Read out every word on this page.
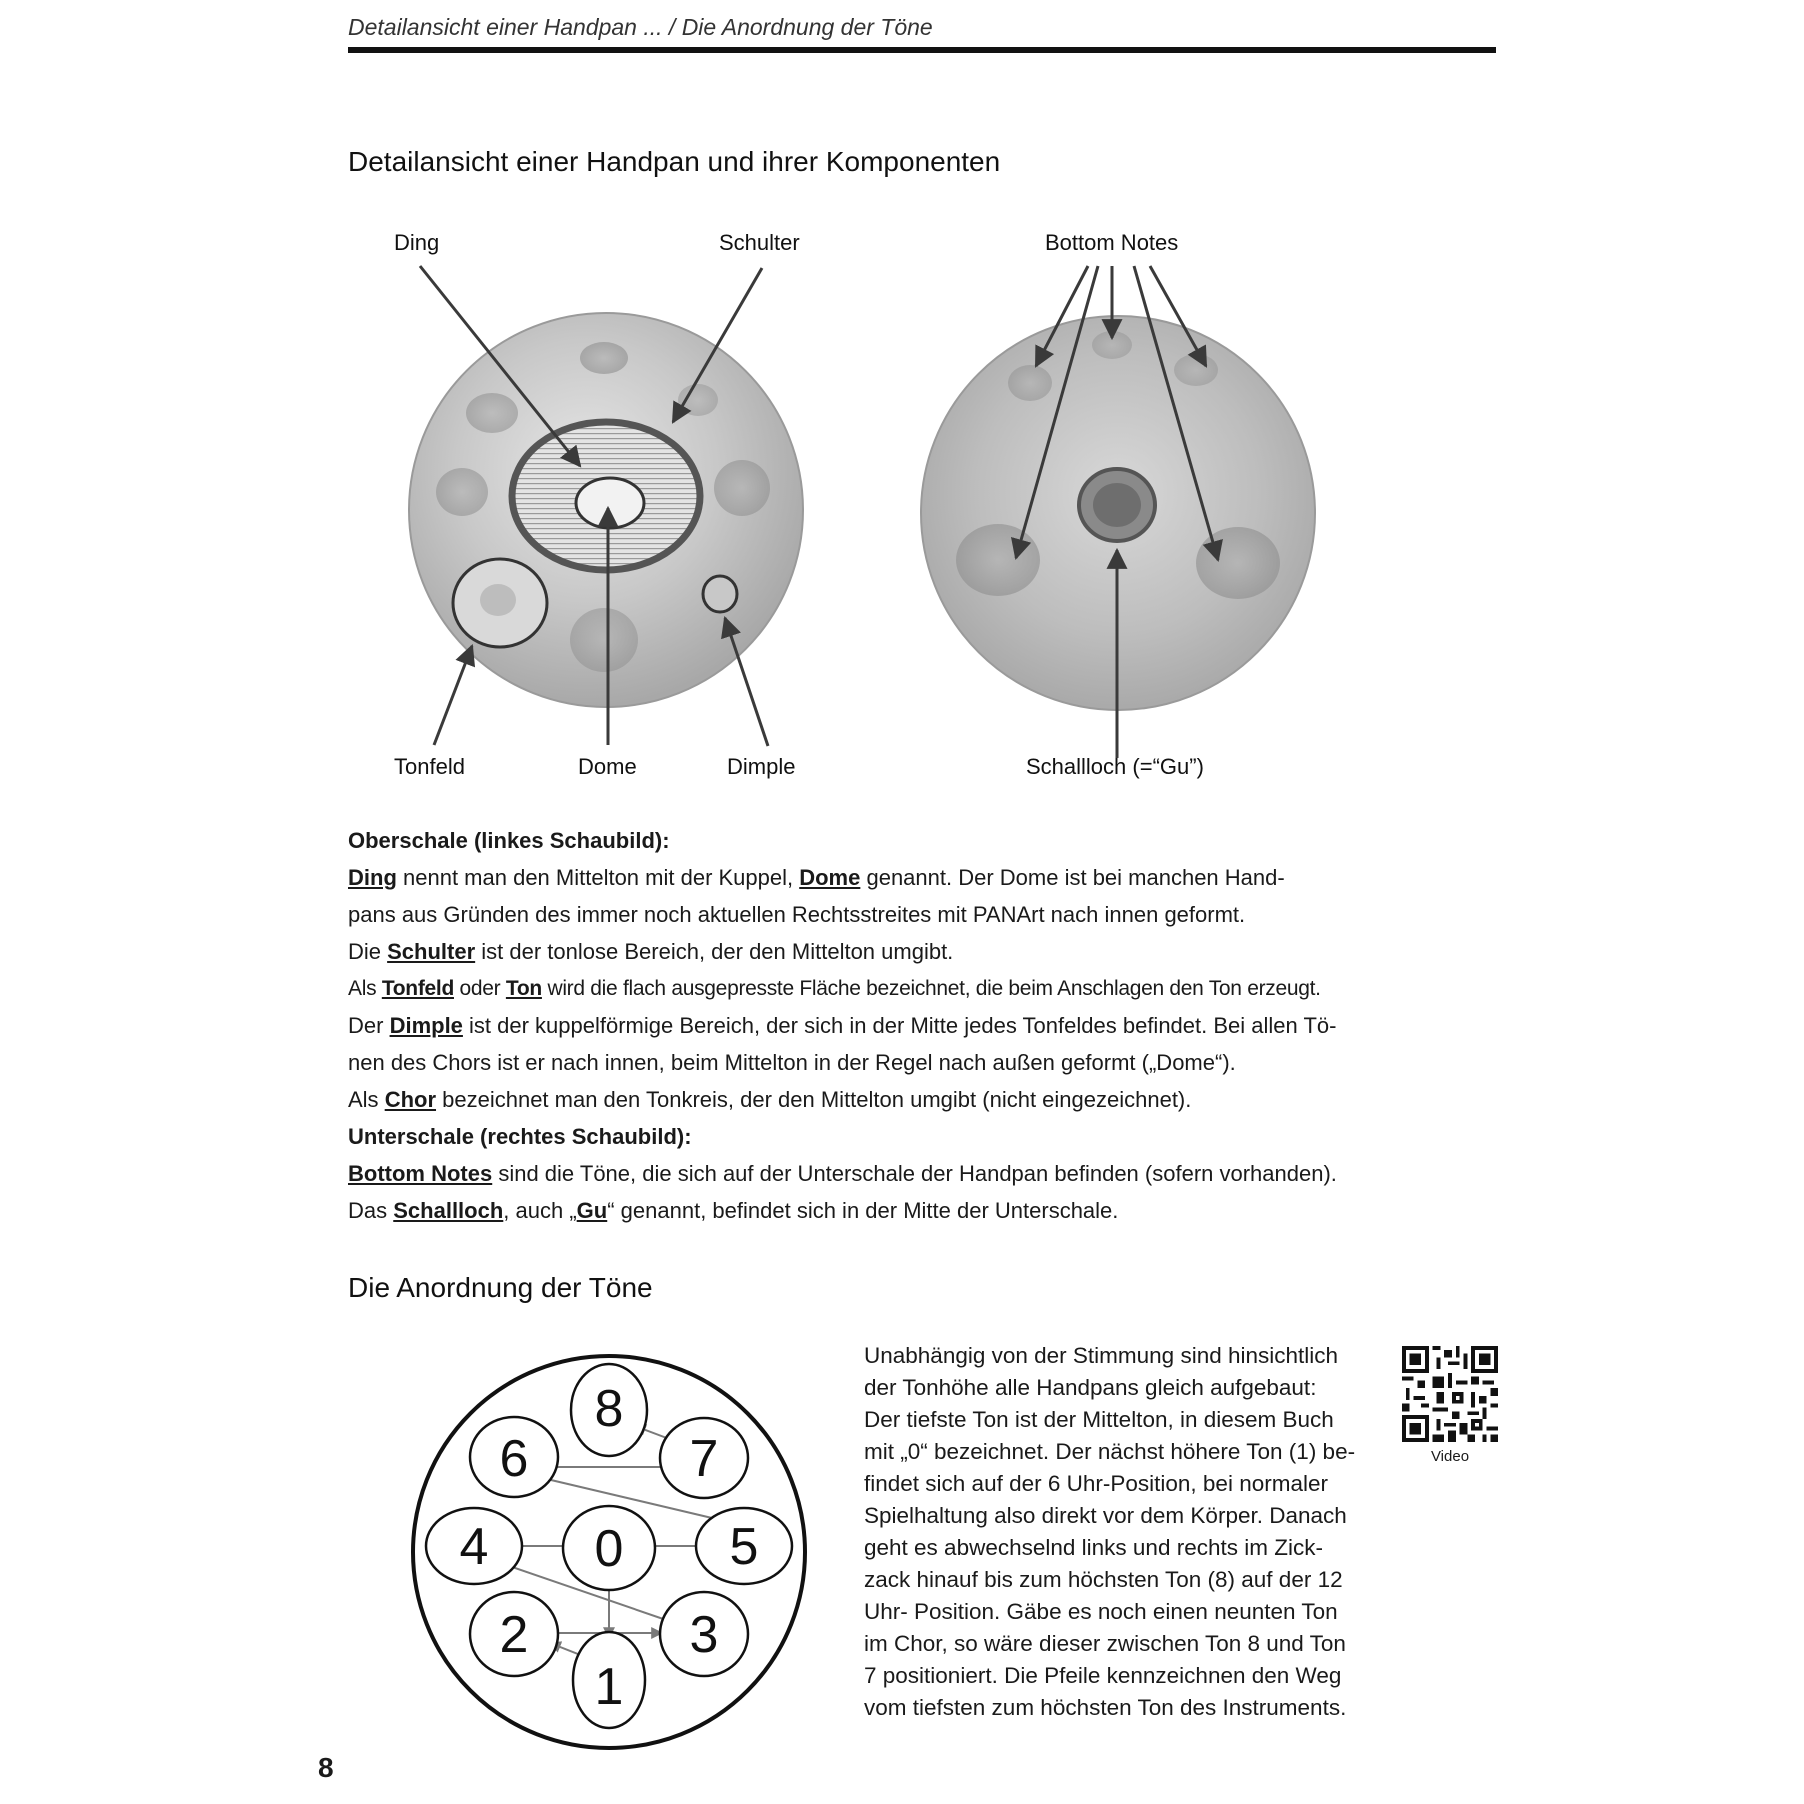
Detailansicht einer Handpan ... / Die Anordnung der Töne
Detailansicht einer Handpan und ihrer Komponenten
Ding	Schulter	Bottom Notes
Tonfeld	Dome	Dimple	Schallloch (=“Gu”)

Oberschale (linkes Schaubild):

Ding nennt man den Mittelton mit der Kuppel, Dome genannt. Der Dome ist bei manchen Hand-
pans aus Gründen des immer noch aktuellen Rechtsstreites mit PANArt nach innen geformt.

Die Schulter ist der tonlose Bereich, der den Mittelton umgibt.

Als Tonfeld oder Ton wird die flach ausgepresste Fläche bezeichnet, die beim Anschlagen den Ton erzeugt.

Der Dimple ist der kuppelförmige Bereich, der sich in der Mitte jedes Tonfeldes befindet. Bei allen Tö-
nen des Chors ist er nach innen, beim Mittelton in der Regel nach außen geformt („Dome“).

Als Chor bezeichnet man den Tonkreis, der den Mittelton umgibt (nicht eingezeichnet).

Unterschale (rechtes Schaubild):

Bottom Notes sind die Töne, die sich auf der Unterschale der Handpan befinden (sofern vorhanden).

Das Schallloch, auch „Gu“ genannt, befindet sich in der Mitte der Unterschale.

Die Anordnung der Töne
0
1
2	3
4	5
6	7
8
Unabhängig von der Stimmung sind hinsichtlich
der Tonhöhe alle Handpans gleich aufgebaut:
Der tiefste Ton ist der Mittelton, in diesem Buch
mit „0“ bezeichnet. Der nächst höhere Ton (1) be-
findet sich auf der 6 Uhr-Position, bei normaler
Spielhaltung also direkt vor dem Körper. Danach
geht es abwechselnd links und rechts im Zick-
zack hinauf bis zum höchsten Ton (8) auf der 12
Uhr- Position. Gäbe es noch einen neunten Ton
im Chor, so wäre dieser zwischen Ton 8 und Ton
7 positioniert. Die Pfeile kennzeichnen den Weg
vom tiefsten zum höchsten Ton des Instruments.
Video
8
